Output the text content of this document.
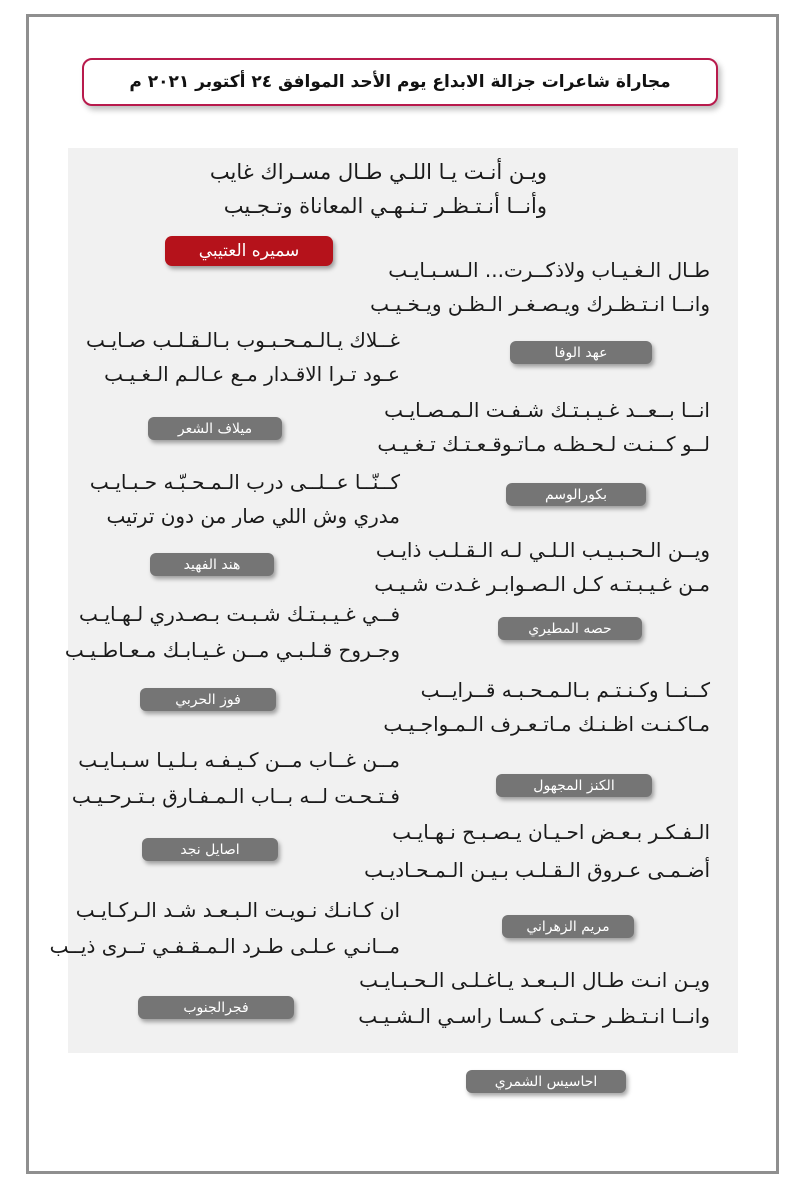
مجاراة شاعرات جزالة الابداع يوم الأحد الموافق ٢٤ أكتوبر ٢٠٢١ م
ويـن أنـت يـا اللـي طـال مسـراك غايب
وأنــا أنـتـظـر تـنـهـي المعاناة وتـجـيب
سميره العتيبي
طـال الـغـيـاب ولاذكــرت... الـسـبـايـب
وانــا انـتـظـرك ويـصـغـر الـظـن ويـخـيـب
عهد الوفا
غــلاك يـالـمـحـبـوب بـالـقـلـب صـايـب
عـود تـرا الاقـدار مـع عـالـم الـغـيـب
ميلاف الشعر
انــا بــعــد غـيـبـتـك شـفـت الـمـصـايـب
لــو كــنـت لـحـظـه مـاتـوقـعـتـك تـغـيـب
بكورالوسم
كــنّــا عــلــى درب الـمـحـبّـه حـبـايـب
مدري وش اللي صار من دون ترتيب
هند الفهيد
ويــن الـحـبـيـب الـلـي لـه الـقـلـب ذايـب
مـن غـيـبـتـه كـل الـصـوابـر غـدت شـيـب
حصه المطيري
فــي غـيـبـتـك شـبـت بـصـدري لـهـايـب
وجـروح قـلـبـي مــن غـيـابـك مـعـاطـيـب
فوز الحربي	كــنــا وكـنـتـم بـالـمـحـبـه قــرايــب
مـاكـنـت اظـنـك مـاتـعـرف الـمـواجـيـب
الكنز المجهول
مــن غــاب مــن كـيـفـه بـلـيـا سـبـايـب
فـتـحـت لــه بــاب الـمـفـارق بـتـرحـيـب
اصايل نجد
الـفـكـر بـعـض احـيـان يـصـبـح نـهـايـب
أضـمـى عـروق الـقـلـب بـيـن الـمـحـاديـب
مريم الزهراني
ان كـانـك نـويـت الـبـعـد شـد الـركـايـب
مــانـي عـلـى طـرد الـمـقـفـي تــرى ذيــب
فجرالجنوب
ويـن انـت طـال الـبـعـد يـاغـلـى الـحـبـايـب
وانــا انـتـظـر حـتـى كـسـا راسـي الـشـيـب
احاسيس الشمري
